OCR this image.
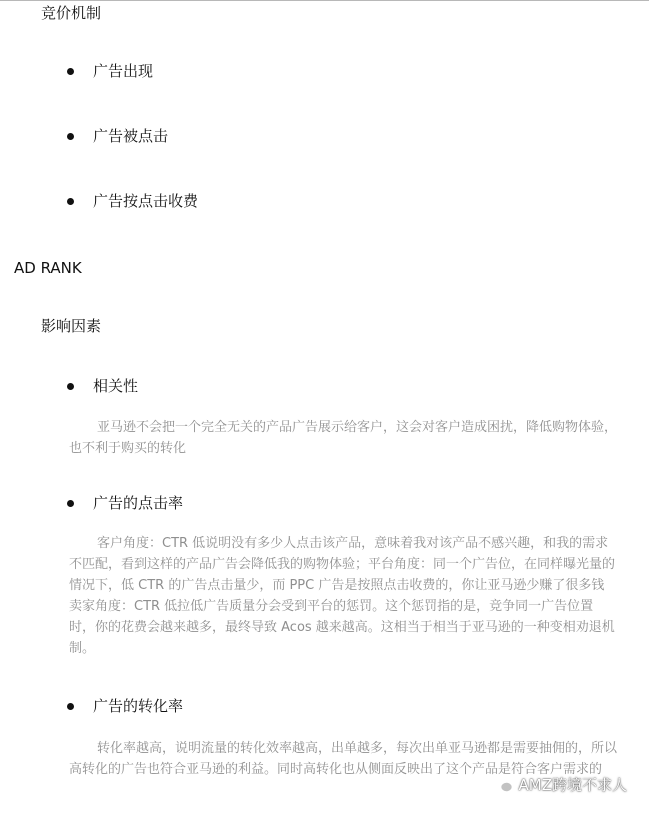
竞价机制
广告出现
广告被点击
广告按点击收费
AD RANK
影响因素
相关性

亚马逊不会把一个完全无关的产品广告展示给客户，这会对客户造成困扰，降低购物体验，也不利于购买的转化

广告的点击率

客户角度：CTR 低说明没有多少人点击该产品，意味着我对该产品不感兴趣，和我的需求不匹配，看到这样的产品广告会降低我的购物体验；平台角度：同一个广告位，在同样曝光量的情况下，低 CTR 的广告点击量少，而 PPC 广告是按照点击收费的，你让亚马逊少赚了很多钱卖家角度：CTR 低拉低广告质量分会受到平台的惩罚。这个惩罚指的是，竞争同一广告位置时，你的花费会越来越多，最终导致 Acos 越来越高。这相当于相当于亚马逊的一种变相劝退机制。

广告的转化率

转化率越高，说明流量的转化效率越高，出单越多，每次出单亚马逊都是需要抽佣的，所以高转化的广告也符合亚马逊的利益。同时高转化也从侧面反映出了这个产品是符合客户需求的

AMZ跨境不求人
